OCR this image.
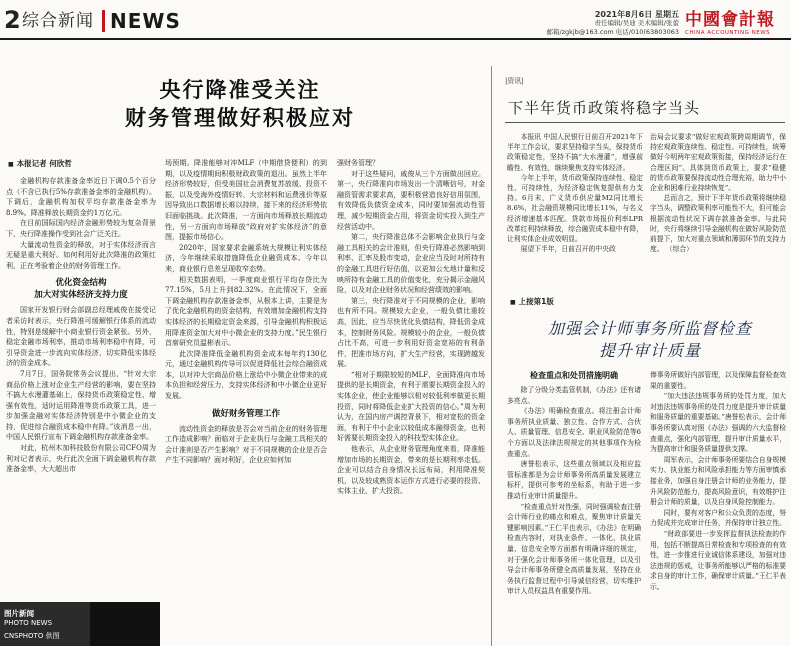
2 综合新闻 NEWS	2021年8月6日 星期五
责任编辑/吴迪 美术编辑/张蕾
邮箱/zgkjb@163.com 电话/010(63803063
中國會計報
CHINA ACCOUNTING NEWS
央行降准受关注
财务管理做好积极应对
■ 本报记者 何欣哲

金融机构存款准备金率近日下调0.5个百分点（不含已执行5%存款准备金率的金融机构）。下调后，金融机构加权平均存款准备金率为8.9%。降准释放长期资金约1万亿元。

在目前国际国内经济金融形势较为复杂背景下，央行降准操作受到社会广泛关注。

大量流动性资金的释放，对于实体经济而言无疑是重大利好。如何利用好此次降准的政策红利，正在考验着企业的财务管理工作。

优化资金结构
加大对实体经济支持力度

国家开发银行财会部副总经理戚俊在接受记者采访时表示，央行降准可缓解银行体系的流动性，特别是缓解中小商业银行资金紧张。另外，稳定金融市场利率，推动市场利率稳中有降，可引导资金进一步流向实体经济，切实降低实体经济的资金成本。

7月7日，国务院常务会议提出，“针对大宗商品价格上涨对企业生产经营的影响，要在坚持不搞大水漫灌基础上，保持货币政策稳定性、增强有效性，适时运用降准等货币政策工具，进一步加强金融对实体经济特别是中小微企业的支持，促进综合融资成本稳中有降。”该消息一出，中国人民银行宣布下调金融机构存款准备金率。

对此，杭州木加科技股份有限公司CFO周为利对记者表示，央行此次全面下调金融机构存款准备金率，大大超出市

场预期。降准能够对冲MLF（中期借贷便利）的到期，以及疫情期间积极财政政策的退出。虽然上半年经济形势较好，但受美国社会消费复苏放缓、投资不振，以及受海外疫情好转、大宗材料和运费涨价等原因导致出口数据增长难以持续，接下来的经济形势依旧面临挑战。此次降准，一方面向市场释放长期流动性，另一方面向市场释放“政府对扩实体经济”的意图，提振市场信心。

2020年，国家要求金融系统大规模让利实体经济，今年继续采取措施降低企业融资成本。今年以来，商业银行息差呈现收窄态势。

相关数据表明，一季度商业银行平均存贷比为77.15%，5月上升到82.32%。在此情况下，全面下调金融机构存款准备金率，从根本上讲，主要是为了优化金融机构的资金结构，有效增加金融机构支持实体经济的长期稳定资金来源，引导金融机构积极运用降准资金加大对中小微企业的支持力度。”民生银行首席研究员温彬表示。

此次降准降低金融机构资金成本每年约130亿元，通过金融机构传导可以促进降低社会综合融资成本，以对冲大宗商品价格上涨给中小微企业带来的成本负担和经营压力，支持实体经济和中小微企业更好发展。

做好财务管理工作

流动性资金的释放是否会对当前企业的财务管理工作造成影响？面临对于企业执行与金融工具相关的会计准则是否产生影响？对于不同规模的企业是否会产生不同影响？面对利好，企业应如何加

强财务管理？

对于这些疑问，戚俊从三个方面做出回应。第一，央行降准向市场发出一个清晰信号，对金融资管需求要求高，要积极营造良好信用氛围，有效降低负债资金成本，同时要加强流动性管理，减少短期资金占用，将资金切实投入到生产经营活动中。

第二，央行降准总体不会影响企业执行与金融工具相关的会计准则，但央行降准必然影响到利率、汇率及股市变动，企业应当及时对所持有的金融工具进行好估值，以更加公允地计量和反映所持有金融工具的价值变化，充分揭示金融风险，以及对企业财务状况和经营绩效的影响。

第三，央行降准对于不同规模的企业，影响也有所不同。规模较大企业，一般负债比重较高，因此，应当尽快优化负债结构，降低资金成本，控制财务风险。规模较小的企业，一般负债占比不高，可进一步利用好资金宽裕的有利条件，把准市场方向，扩大生产经营，实现跨越发展。

“相对于期限较短的MLF，全面降准向市场提供的是长期资金，有利于需要长期资金投入的实体企业，使企业能够以相对较低利率做更长期投资，同时将降低企业扩大投资的信心。”周为利认为，在国内房产调控背景下，相对宽松的资金面，有利于中小企业以较低成本融得资金，也利好需要长期资金投入的科技型实体企业。

他表示，从企业财务管理角度来看，降准能增加市场的长期资金，带来的是长期利率走低。企业可以结合自身情况长远布局，利用降准契机，以及较成熟资本运作方式进行必要的投资、实体主业、扩大投资。

图片新闻
PHOTO NEWS
CNSPHOTO 供图
|资讯|
下半年货币政策将稳字当头

本报讯 中国人民银行日前召开2021年下半年工作会议，要求坚持稳字当头，保持货币政策稳定性，坚持不搞“大水漫灌”，增强前瞻性、有效性，继续聚焦支持实体经济。

今年上半年，货币政策保持连续性、稳定性、可持续性，为经济稳定恢复提供有力支持。6月末，广义货币供应量M2同比增长8.6%，社会融资规模同比增长11%，与名义经济增速基本匹配。贷款市场报价利率LPR改革红利持续释放，综合融资成本稳中有降，让利实体企业成效明显。

展望下半年，日前召开的中央政

治局会议要求“做好宏观政策跨周期调节，保持宏观政策连续性、稳定性、可持续性，统筹做好今明两年宏观政策衔接，保持经济运行在合理区间”。具体到货币政策上，要求“稳健的货币政策要保持流动性合理充裕，助力中小企业和困难行业持续恢复”。

总而言之，预计下半年货币政策将继续稳字当头，调整政策利率可能性不大，但可能会根据流动性状况下调存款准备金率。与此同时，央行将继续引导金融机构在做好风险防范前提下，加大对重点领域和薄弱环节的支持力度。 （综合）

■ 上接第1版
加强会计师事务所监督检查
提升审计质量
检查重点和处罚措施明确

除了分级分类监管机制，《办法》还有诸多亮点。

《办法》明确检查重点。将注册会计师事务所执业质量、独立性、合作方式、合伙人、质量管理、信息安全、职业风险防范等6个方面以及法律法规规定的其他事项作为检查重点。

唐誉松表示，这些重点领域以及相应监管标准都是为会计师事务所高质量发展建立标杆，提供可参考的坐标系，有助于进一步推动行业审计质量提升。

“检查重点针对性强，同时强调检查注册会计师行业的痛点和难点，聚焦审计质量关键影响因素。”王仁平也表示，《办法》在明确检查内容时，对执业条件、一体化、执业质量、信息安全等方面都有明确详细的规定，对于强化会计师事务所一体化管理，以及引导会计师事务所健全高质量发展，坚持在业务执行监督过程中引导诚信经营，切实维护审计人员权益具有重要作用。

俸事务所做好内部管理，以及保障监督检查效果的重要性。

“加大违法违规事务所的处罚力度，加大对违法违规事务所的处罚力度是提升审计质量和服务质量的重要基础。”唐誉松表示，会计师事务所要认真对照《办法》强调的六大监督检查重点，强化内部管理，提升审计质量水平，为提高审计和服务质量提供支撑。

周军表示，会计师事务所要结合自身规模实力、执业能力和风险承担能力等方面审慎承接业务，加强自身注册会计师的业务能力，提升风险防范能力，提高风险意识，有效维护注册会计师的质量，以及自身风险控制能力。

同时，要有对客户和公众负责的态度，努力促成并完成审计任务，并保持审计独立性。

“财政部要进一步发挥监督执法检查的作用，包括不断提高日常检查和专项检查的有效性，进一步推进行业诚信体系建设，加强对违法违规的惩戒，让事务所能够以严格的标准要求自身的审计工作，确保审计质量。”王仁平表示。
